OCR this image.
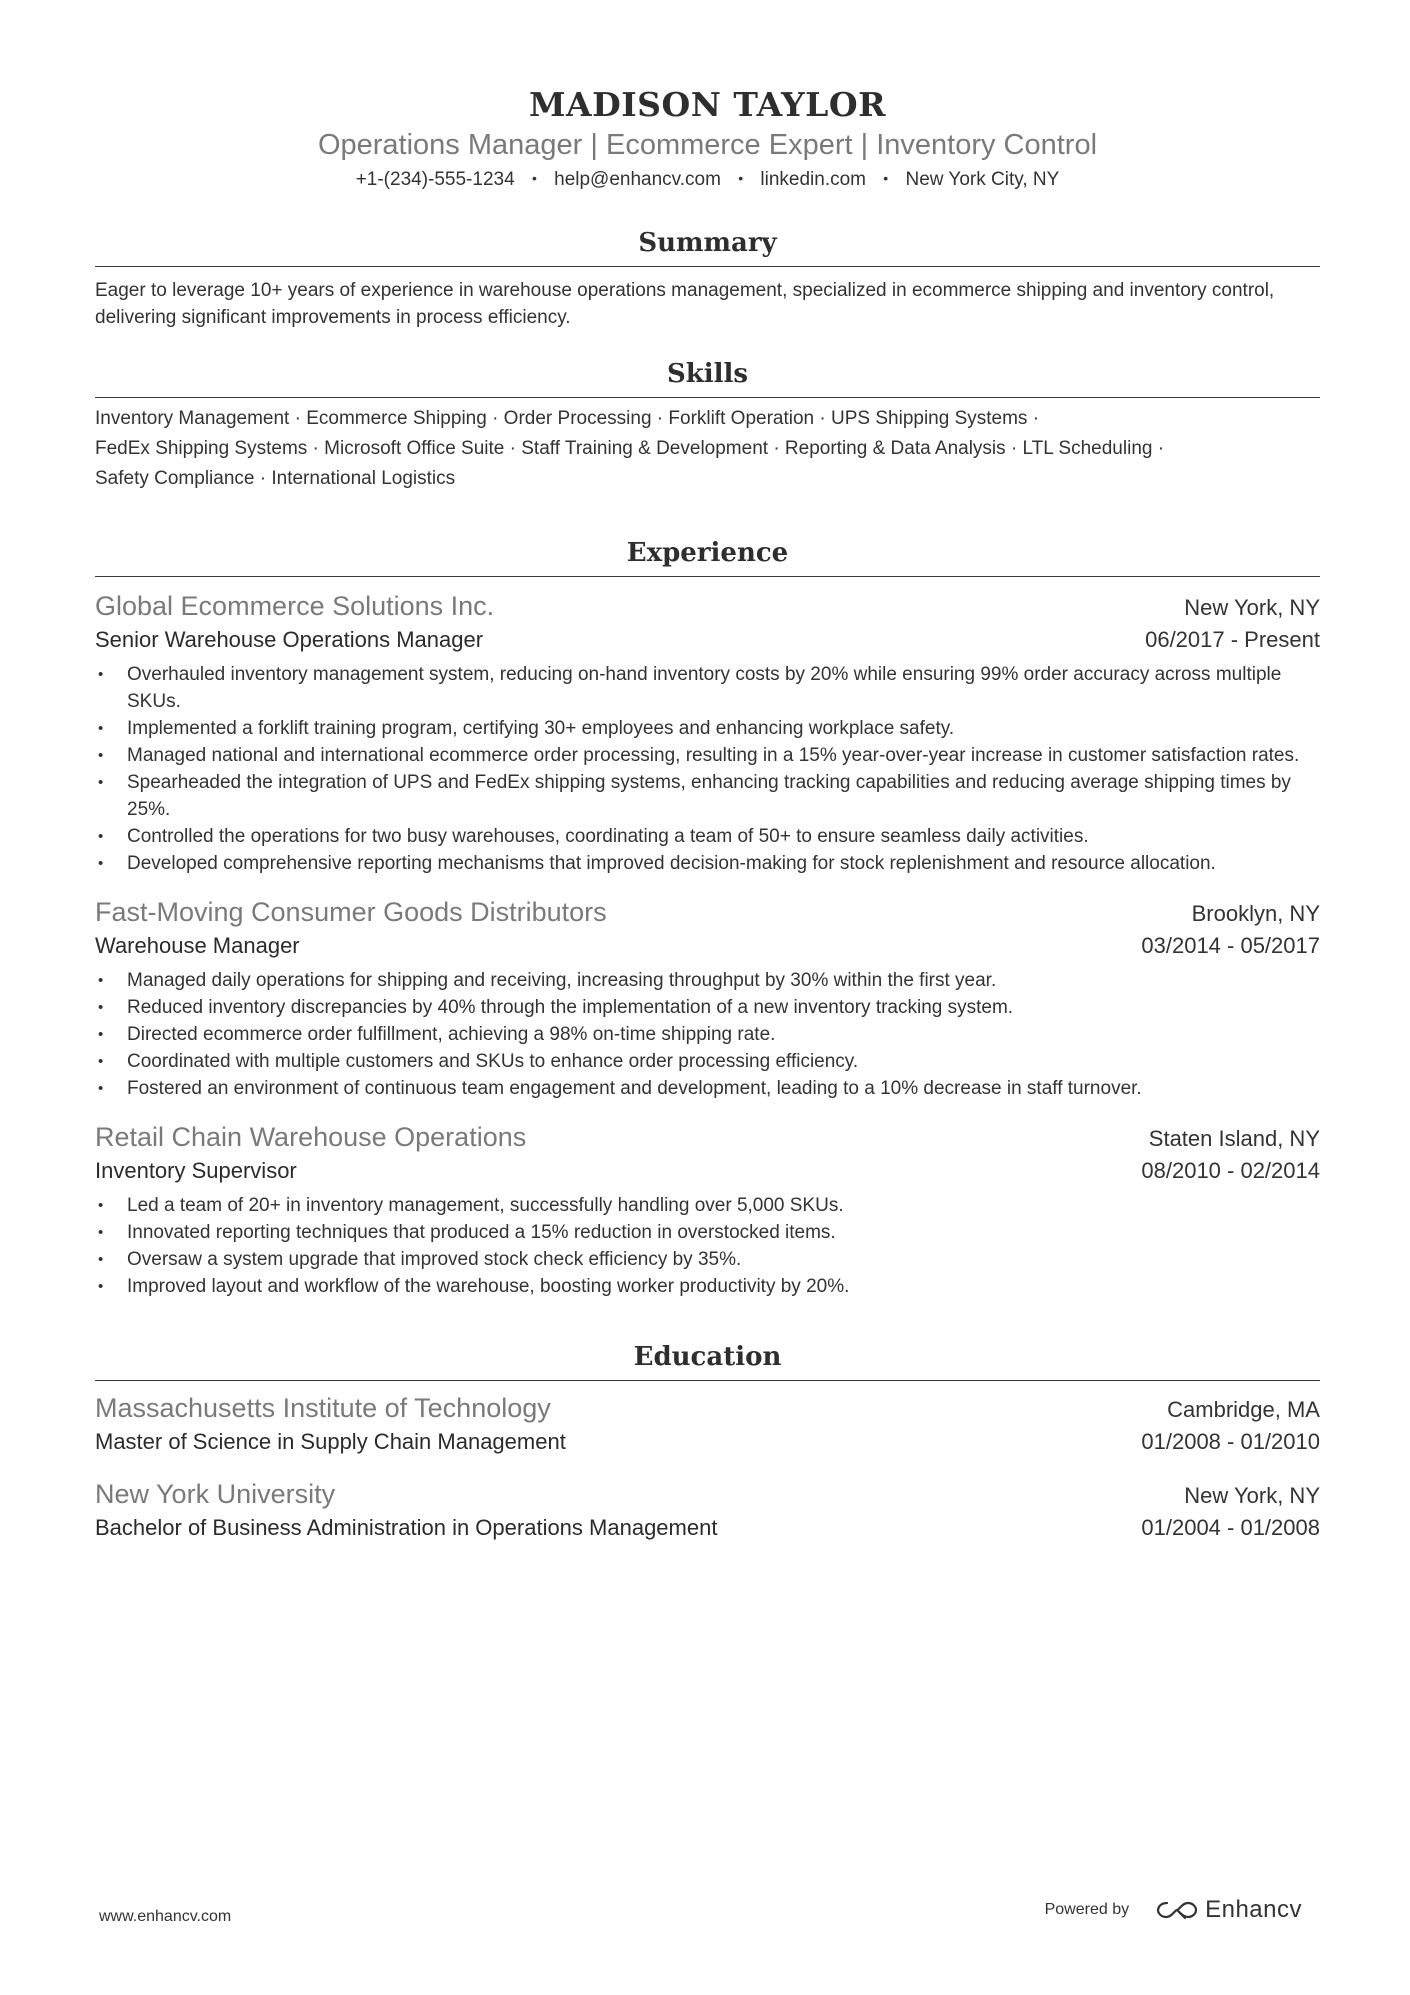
MADISON TAYLOR
Operations Manager | Ecommerce Expert | Inventory Control
+1-(234)-555-1234 • help@enhancv.com • linkedin.com • New York City, NY
Summary
Eager to leverage 10+ years of experience in warehouse operations management, specialized in ecommerce shipping and inventory control, delivering significant improvements in process efficiency.
Skills
Inventory Management · Ecommerce Shipping · Order Processing · Forklift Operation · UPS Shipping Systems ·
FedEx Shipping Systems · Microsoft Office Suite · Staff Training & Development · Reporting & Data Analysis · LTL Scheduling ·
Safety Compliance · International Logistics
Experience
Global Ecommerce Solutions Inc.	New York, NY
Senior Warehouse Operations Manager	06/2017 - Present
• Overhauled inventory management system, reducing on-hand inventory costs by 20% while ensuring 99% order accuracy across multiple SKUs.
• Implemented a forklift training program, certifying 30+ employees and enhancing workplace safety.
• Managed national and international ecommerce order processing, resulting in a 15% year-over-year increase in customer satisfaction rates.
• Spearheaded the integration of UPS and FedEx shipping systems, enhancing tracking capabilities and reducing average shipping times by 25%.
• Controlled the operations for two busy warehouses, coordinating a team of 50+ to ensure seamless daily activities.
• Developed comprehensive reporting mechanisms that improved decision-making for stock replenishment and resource allocation.
Fast-Moving Consumer Goods Distributors	Brooklyn, NY
Warehouse Manager	03/2014 - 05/2017
• Managed daily operations for shipping and receiving, increasing throughput by 30% within the first year.
• Reduced inventory discrepancies by 40% through the implementation of a new inventory tracking system.
• Directed ecommerce order fulfillment, achieving a 98% on-time shipping rate.
• Coordinated with multiple customers and SKUs to enhance order processing efficiency.
• Fostered an environment of continuous team engagement and development, leading to a 10% decrease in staff turnover.
Retail Chain Warehouse Operations	Staten Island, NY
Inventory Supervisor	08/2010 - 02/2014
• Led a team of 20+ in inventory management, successfully handling over 5,000 SKUs.
• Innovated reporting techniques that produced a 15% reduction in overstocked items.
• Oversaw a system upgrade that improved stock check efficiency by 35%.
• Improved layout and workflow of the warehouse, boosting worker productivity by 20%.
Education
Massachusetts Institute of Technology	Cambridge, MA
Master of Science in Supply Chain Management	01/2008 - 01/2010
New York University	New York, NY
Bachelor of Business Administration in Operations Management	01/2004 - 01/2008
www.enhancv.com	Powered by	Enhancv
